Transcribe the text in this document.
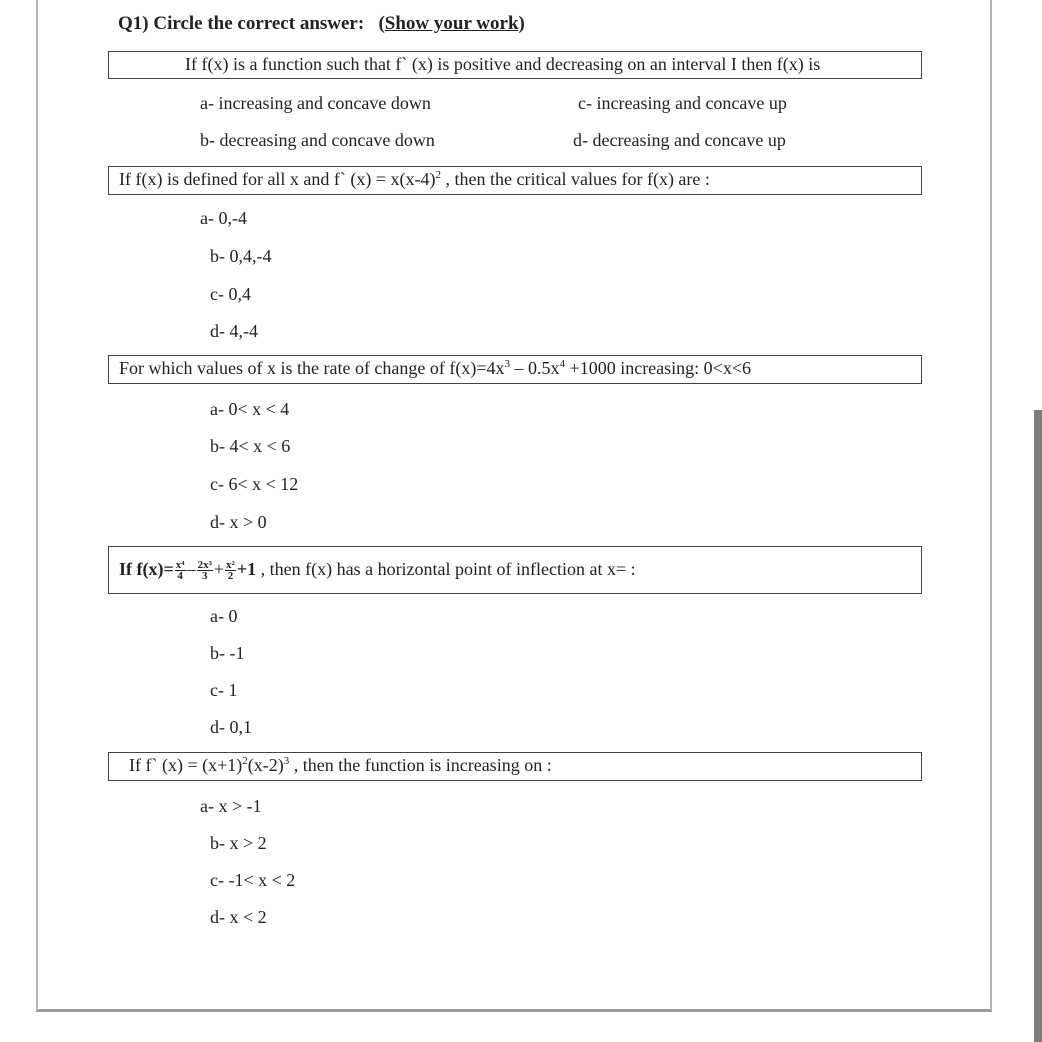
Q1) Circle the correct answer: (Show your work)
If f(x) is a function such that fˋ (x) is positive and decreasing on an interval I then f(x) is
a- increasing and concave down	c- increasing and concave up
b- decreasing and concave down	d- decreasing and concave up
If f(x) is defined for all x and fˋ $(x) = x(x-4)^2$ , then the critical values for f(x) are :
a- 0,-4
b- 0,4,-4
c- 0,4
d- 4,-4
For which values of x is the rate of change of $f(x)=4x^3 - 0.5x^4 +1000$ increasing: 0<x<6
a- 0< x < 4
b- 4< x < 6
c- 6< x < 12
d- x > 0
If $f(x)= \frac{\text{x⁴}}{4} - \frac{\text{2x³}}{3} + \frac{\text{x²}}{2} +1$ , then f(x) has a horizontal point of inflection at x= :
a- 0
b- -1
c- 1
d- 0,1
If fˋ $(x) = (x+1)^2(x-2)^3$ , then the function is increasing on :
a- x > -1
b- x > 2
c- -1< x < 2
d- x < 2
